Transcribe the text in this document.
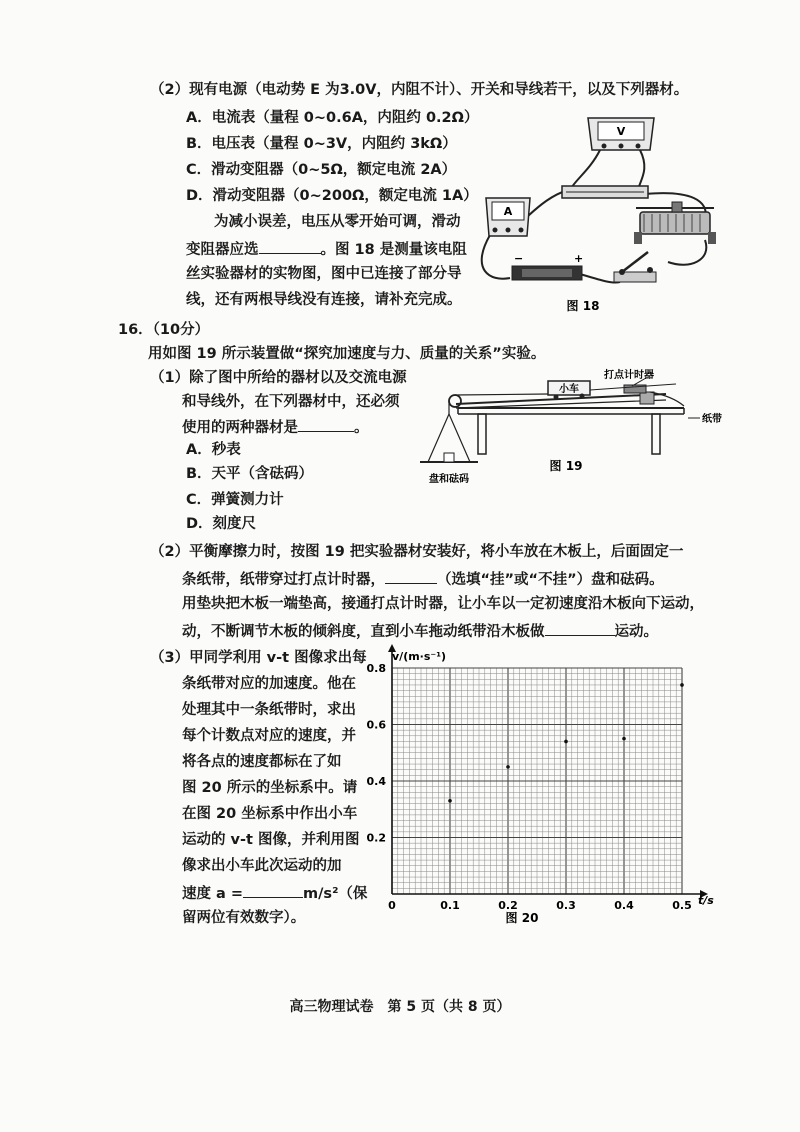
（2）现有电源（电动势 E 为3.0V，内阻不计）、开关和导线若干，以及下列器材。
A．电流表（量程 0~0.6A，内阻约 0.2Ω）
B．电压表（量程 0~3V，内阻约 3kΩ）
C．滑动变阻器（0~5Ω，额定电流 2A）
D．滑动变阻器（0~200Ω，额定电流 1A）
为减小误差，电压从零开始可调，滑动
变阻器应选	。图 18 是测量该电阻
丝实验器材的实物图，图中已连接了部分导
线，还有两根导线没有连接，请补充完成。
V
A
−	+
图 18
16．（10分）
用如图 19 所示装置做“探究加速度与力、质量的关系”实验。
（1）除了图中所给的器材以及交流电源
和导线外，在下列器材中，还必须
使用的两种器材是	。
A．秒表
B．天平（含砝码）
C．弹簧测力计
D．刻度尺
小车
打点计时器
纸带
盘和砝码
图 19
（2）平衡摩擦力时，按图 19 把实验器材安装好，将小车放在木板上，后面固定一
条纸带，纸带穿过打点计时器，	（选填“挂”或“不挂”）盘和砝码。
用垫块把木板一端垫高，接通打点计时器，让小车以一定初速度沿木板向下运动，
动，不断调节木板的倾斜度，直到小车拖动纸带沿木板做	运动。
（3）甲同学利用 v-t 图像求出每
条纸带对应的加速度。他在
处理其中一条纸带时，求出
每个计数点对应的速度，并
将各点的速度都标在了如
图 20 所示的坐标系中。请
在图 20 坐标系中作出小车
运动的 v-t 图像，并利用图
像求出小车此次运动的加
速度 a =	m/s²（保
留两位有效数字）。
0	0.1	0.2	0.3	0.4	0.5
0.2
0.4
0.6
0.8
v/(m·s⁻¹)
t/s
图 20
高三物理试卷　第 5 页（共 8 页）
